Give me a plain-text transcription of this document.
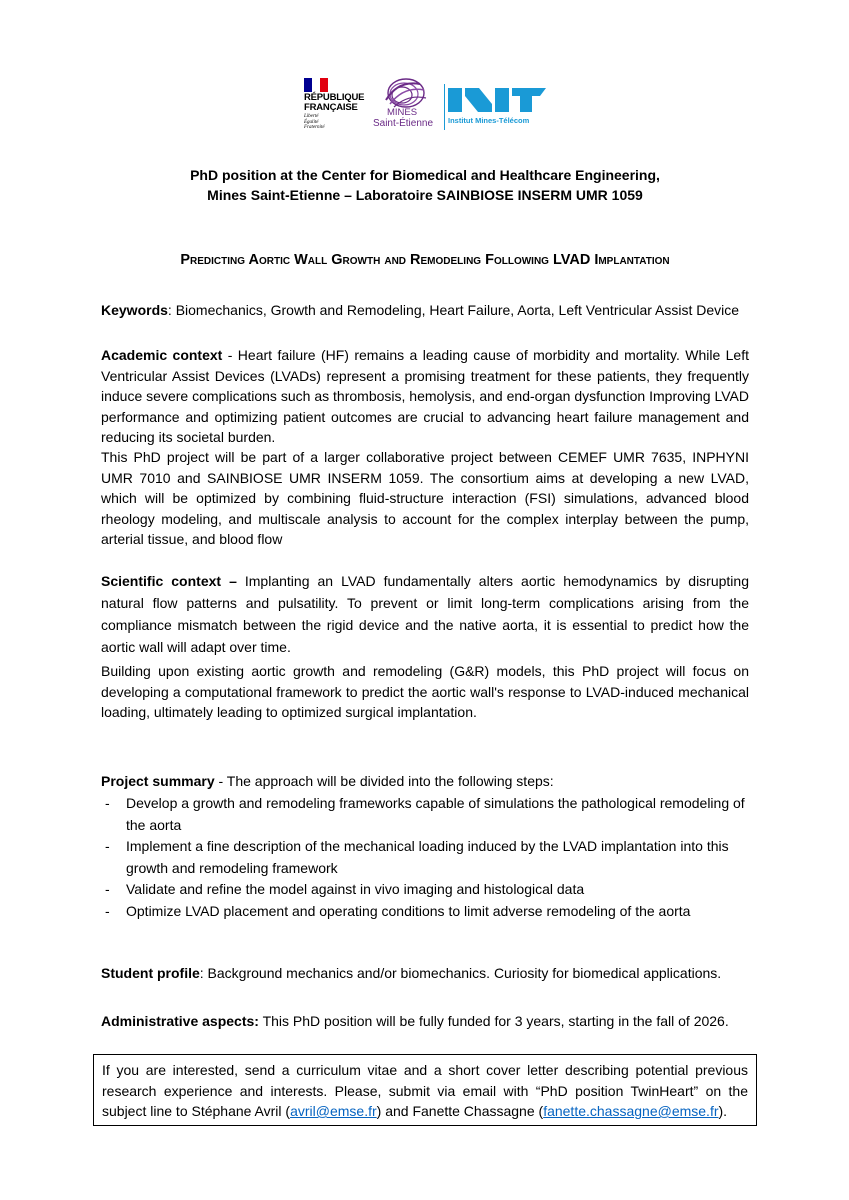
RÉPUBLIQUE
FRANÇAISE
Liberté
Égalité
Fraternité
MINES
Saint-Étienne	Institut Mines-Télécom
PhD position at the Center for Biomedical and Healthcare Engineering,
Mines Saint-Etienne – Laboratoire SAINBIOSE INSERM UMR 1059
Predicting Aortic Wall Growth and Remodeling Following LVAD Implantation

Keywords: Biomechanics, Growth and Remodeling, Heart Failure, Aorta, Left Ventricular Assist Device

Academic context - Heart failure (HF) remains a leading cause of morbidity and mortality. While Left Ventricular Assist Devices (LVADs) represent a promising treatment for these patients, they frequently induce severe complications such as thrombosis, hemolysis, and end-organ dysfunction Improving LVAD performance and optimizing patient outcomes are crucial to advancing heart failure management and reducing its societal burden.

This PhD project will be part of a larger collaborative project between CEMEF UMR 7635, INPHYNI UMR 7010 and SAINBIOSE UMR INSERM 1059. The consortium aims at developing a new LVAD, which will be optimized by combining fluid-structure interaction (FSI) simulations, advanced blood rheology modeling, and multiscale analysis to account for the complex interplay between the pump, arterial tissue, and blood flow

Scientific context – Implanting an LVAD fundamentally alters aortic hemodynamics by disrupting natural flow patterns and pulsatility. To prevent or limit long-term complications arising from the compliance mismatch between the rigid device and the native aorta, it is essential to predict how the aortic wall will adapt over time.

Building upon existing aortic growth and remodeling (G&R) models, this PhD project will focus on developing a computational framework to predict the aortic wall's response to LVAD-induced mechanical loading, ultimately leading to optimized surgical implantation.

Project summary - The approach will be divided into the following steps:

- Develop a growth and remodeling frameworks capable of simulations the pathological remodeling of the aorta
- Implement a fine description of the mechanical loading induced by the LVAD implantation into this growth and remodeling framework
- Validate and refine the model against in vivo imaging and histological data
- Optimize LVAD placement and operating conditions to limit adverse remodeling of the aorta

Student profile: Background mechanics and/or biomechanics. Curiosity for biomedical applications.

Administrative aspects: This PhD position will be fully funded for 3 years, starting in the fall of 2026.

If you are interested, send a curriculum vitae and a short cover letter describing potential previous research experience and interests. Please, submit via email with “PhD position TwinHeart” on the subject line to Stéphane Avril (avril@emse.fr) and Fanette Chassagne (fanette.chassagne@emse.fr).
